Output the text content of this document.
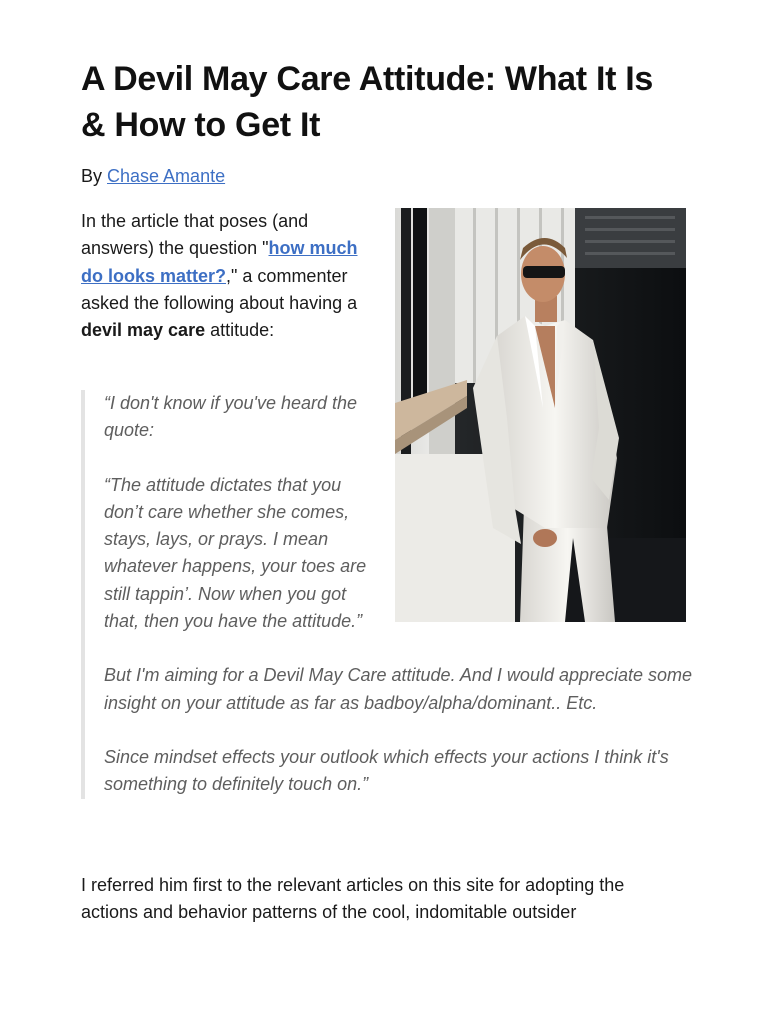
A Devil May Care Attitude: What It Is & How to Get It
By Chase Amante

In the article that poses (and answers) the question "how much do looks matter?," a commenter asked the following about having a devil may care attitude:

“I don't know if you've heard the quote:

“The attitude dictates that you don’t care whether she comes, stays, lays, or prays. I mean whatever happens, your toes are still tappin’. Now when you got that, then you have the attitude.”

But I'm aiming for a Devil May Care attitude. And I would appreciate some insight on your attitude as far as badboy/alpha/dominant.. Etc.

Since mindset effects your outlook which effects your actions I think it's something to definitely touch on.”

I referred him first to the relevant articles on this site for adopting the actions and behavior patterns of the cool, indomitable outsider
